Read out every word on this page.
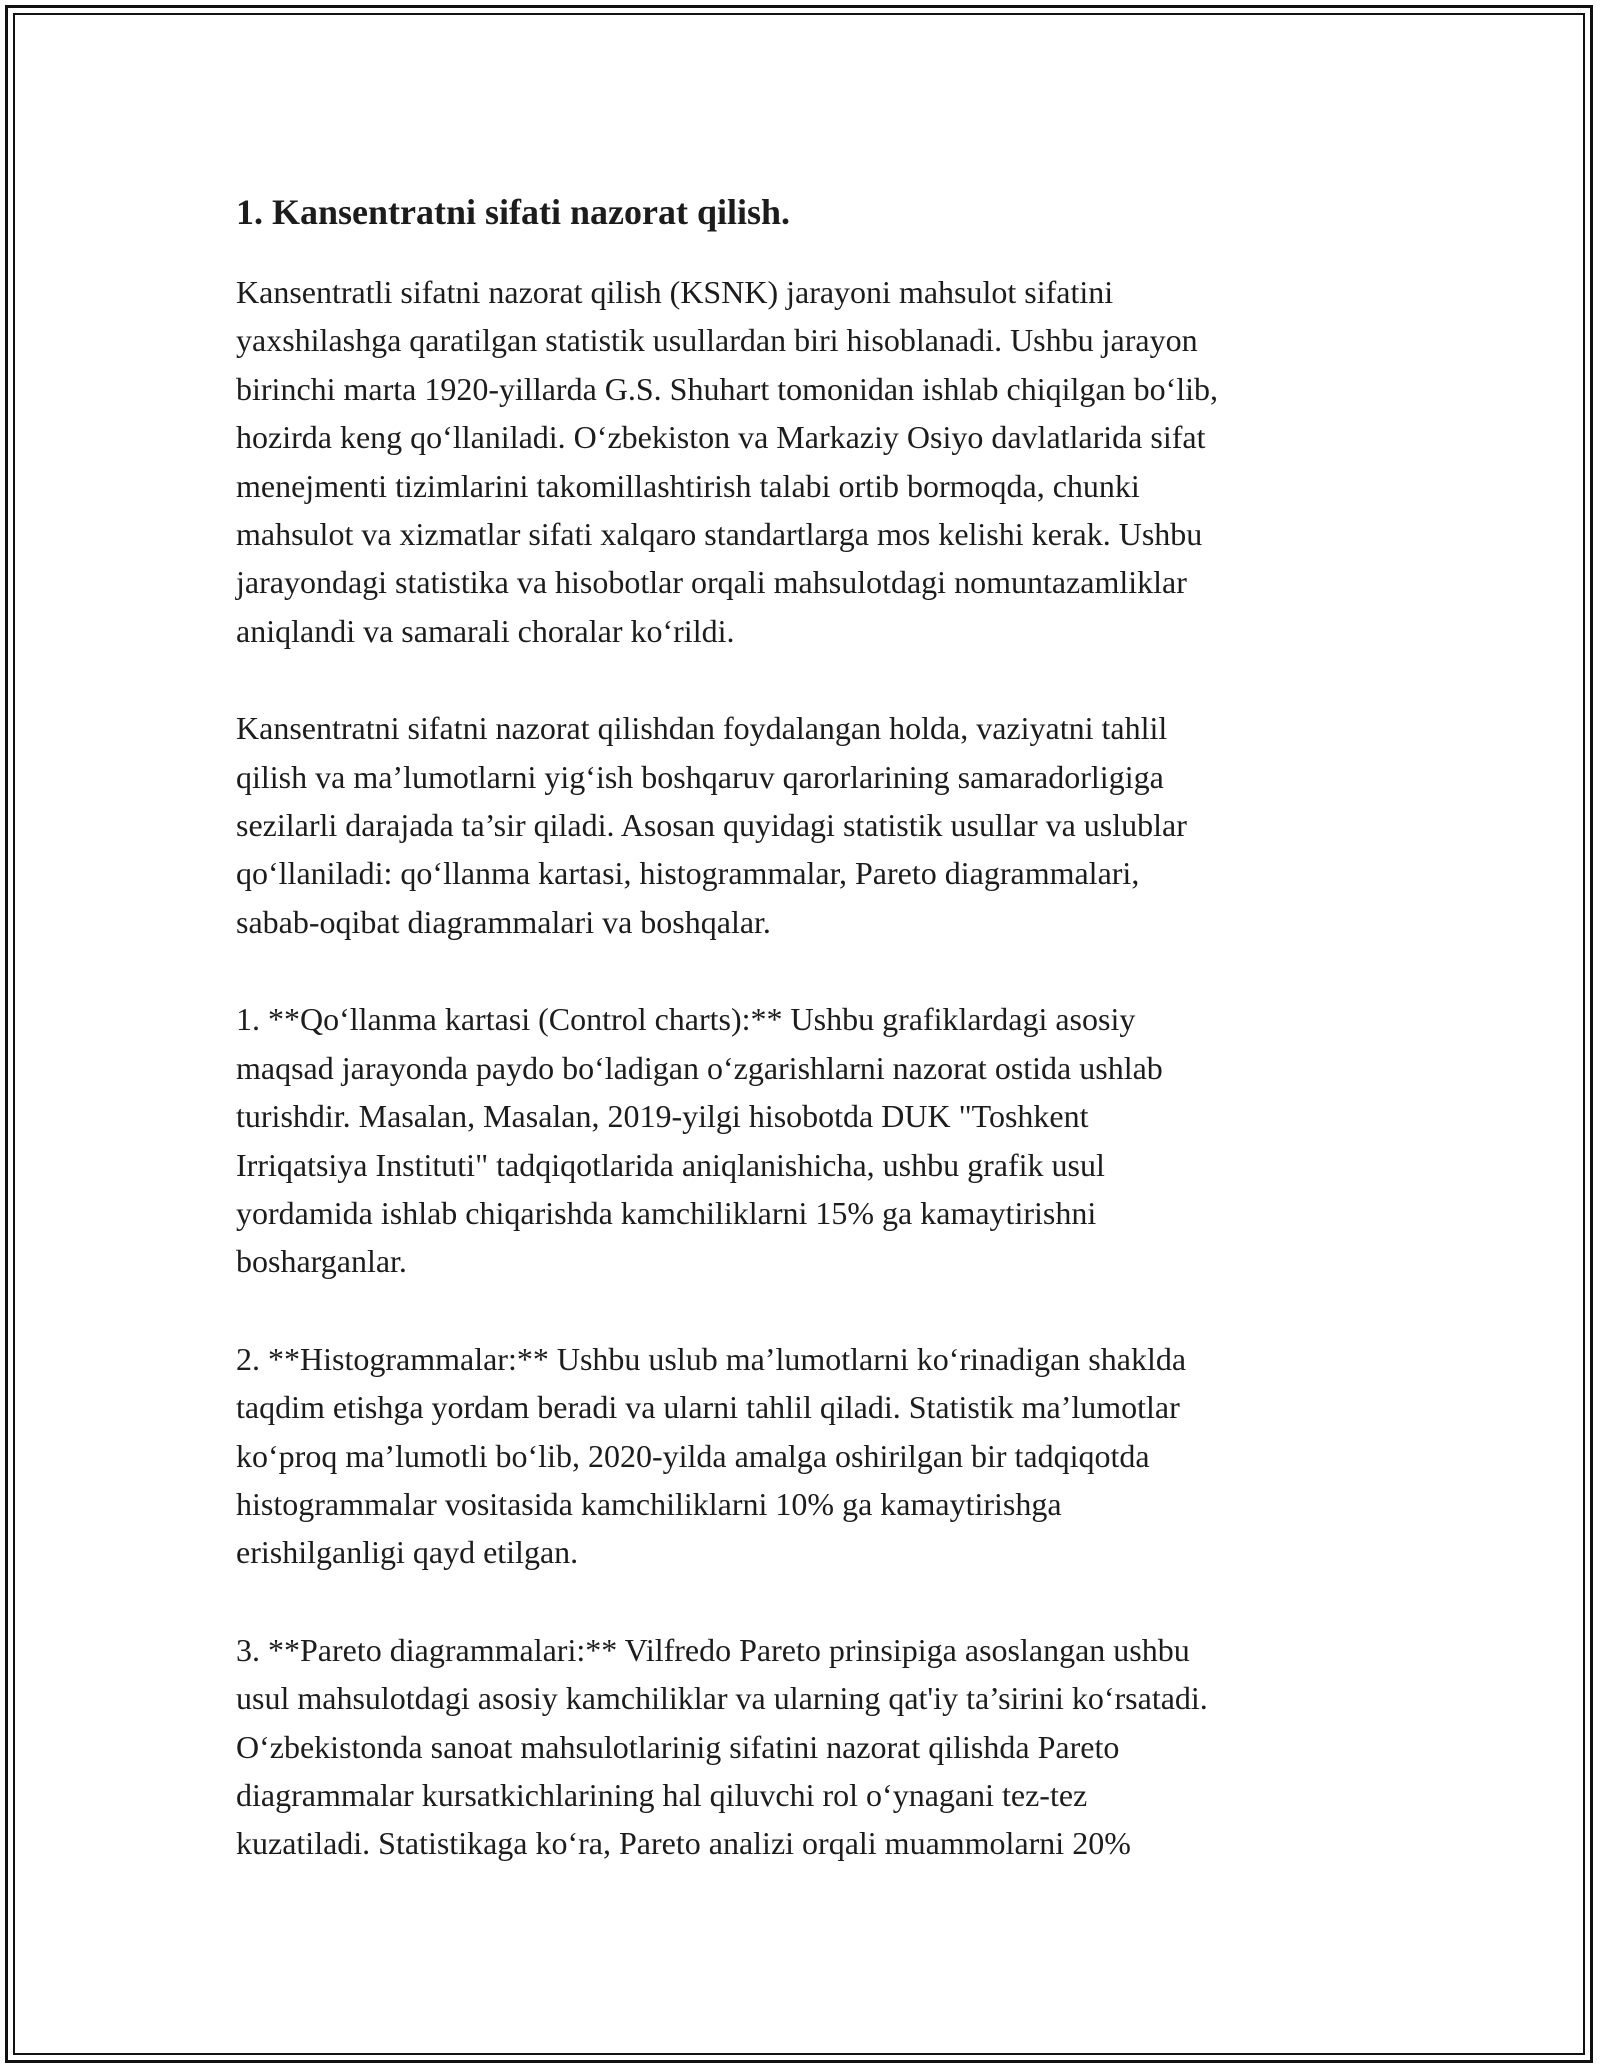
1. Kansentratni sifati nazorat qilish.

Kansentratli sifatni nazorat qilish (KSNK) jarayoni mahsulot sifatini
yaxshilashga qaratilgan statistik usullardan biri hisoblanadi. Ushbu jarayon
birinchi marta 1920-yillarda G.S. Shuhart tomonidan ishlab chiqilgan bo‘lib,
hozirda keng qo‘llaniladi. O‘zbekiston va Markaziy Osiyo davlatlarida sifat
menejmenti tizimlarini takomillashtirish talabi ortib bormoqda, chunki
mahsulot va xizmatlar sifati xalqaro standartlarga mos kelishi kerak. Ushbu
jarayondagi statistika va hisobotlar orqali mahsulotdagi nomuntazamliklar
aniqlandi va samarali choralar ko‘rildi.

Kansentratni sifatni nazorat qilishdan foydalangan holda, vaziyatni tahlil
qilish va ma’lumotlarni yig‘ish boshqaruv qarorlarining samaradorligiga
sezilarli darajada ta’sir qiladi. Asosan quyidagi statistik usullar va uslublar
qo‘llaniladi: qo‘llanma kartasi, histogrammalar, Pareto diagrammalari,
sabab-oqibat diagrammalari va boshqalar.

1. **Qo‘llanma kartasi (Control charts):** Ushbu grafiklardagi asosiy
maqsad jarayonda paydo bo‘ladigan o‘zgarishlarni nazorat ostida ushlab
turishdir. Masalan, Masalan, 2019-yilgi hisobotda DUK "Toshkent
Irriqatsiya Instituti" tadqiqotlarida aniqlanishicha, ushbu grafik usul
yordamida ishlab chiqarishda kamchiliklarni 15% ga kamaytirishni
bosharganlar.

2. **Histogrammalar:** Ushbu uslub ma’lumotlarni ko‘rinadigan shaklda
taqdim etishga yordam beradi va ularni tahlil qiladi. Statistik ma’lumotlar
ko‘proq ma’lumotli bo‘lib, 2020-yilda amalga oshirilgan bir tadqiqotda
histogrammalar vositasida kamchiliklarni 10% ga kamaytirishga
erishilganligi qayd etilgan.

3. **Pareto diagrammalari:** Vilfredo Pareto prinsipiga asoslangan ushbu
usul mahsulotdagi asosiy kamchiliklar va ularning qat'iy ta’sirini ko‘rsatadi.
O‘zbekistonda sanoat mahsulotlarinig sifatini nazorat qilishda Pareto
diagrammalar kursatkichlarining hal qiluvchi rol o‘ynagani tez-tez
kuzatiladi. Statistikaga ko‘ra, Pareto analizi orqali muammolarni 20%
